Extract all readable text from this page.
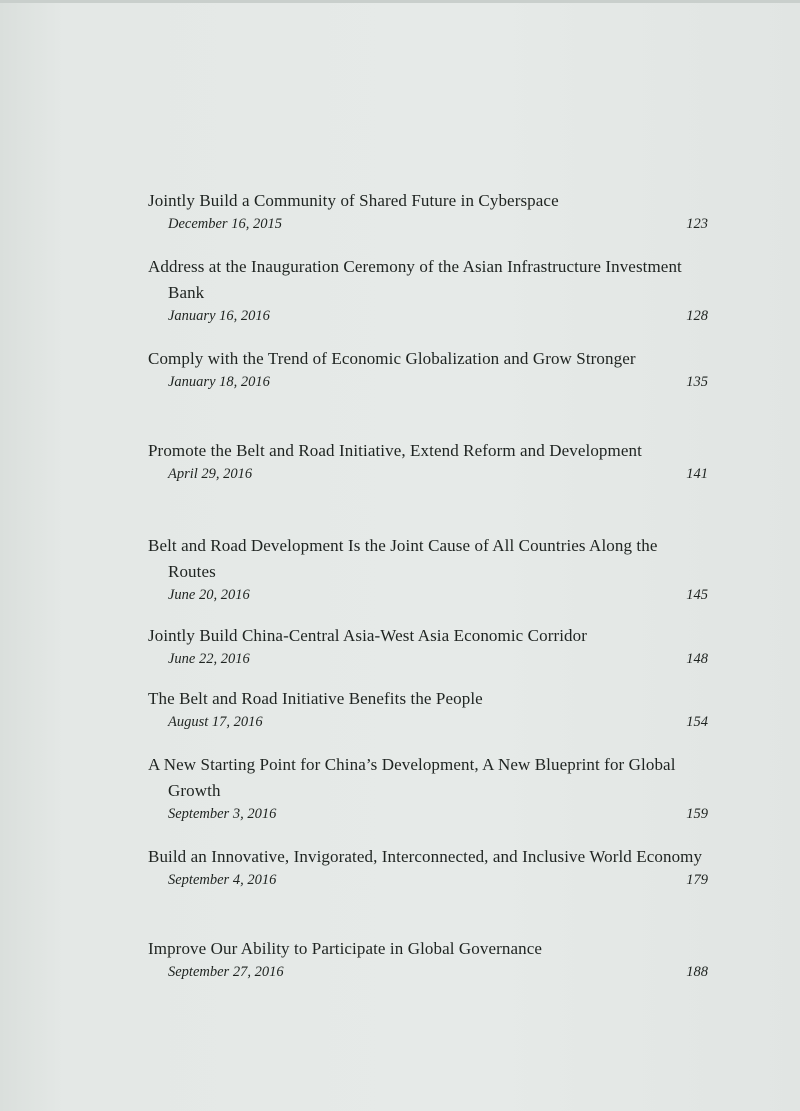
Jointly Build a Community of Shared Future in Cyberspace
December 16, 2015	123
Address at the Inauguration Ceremony of the Asian Infrastructure Investment Bank
January 16, 2016	128
Comply with the Trend of Economic Globalization and Grow Stronger
January 18, 2016	135
Promote the Belt and Road Initiative, Extend Reform and Development
April 29, 2016	141
Belt and Road Development Is the Joint Cause of All Countries Along the Routes
June 20, 2016	145
Jointly Build China-Central Asia-West Asia Economic Corridor
June 22, 2016	148
The Belt and Road Initiative Benefits the People
August 17, 2016	154
A New Starting Point for China’s Development, A New Blueprint for Global Growth
September 3, 2016	159
Build an Innovative, Invigorated, Interconnected, and Inclusive World Economy
September 4, 2016	179
Improve Our Ability to Participate in Global Governance
September 27, 2016	188
